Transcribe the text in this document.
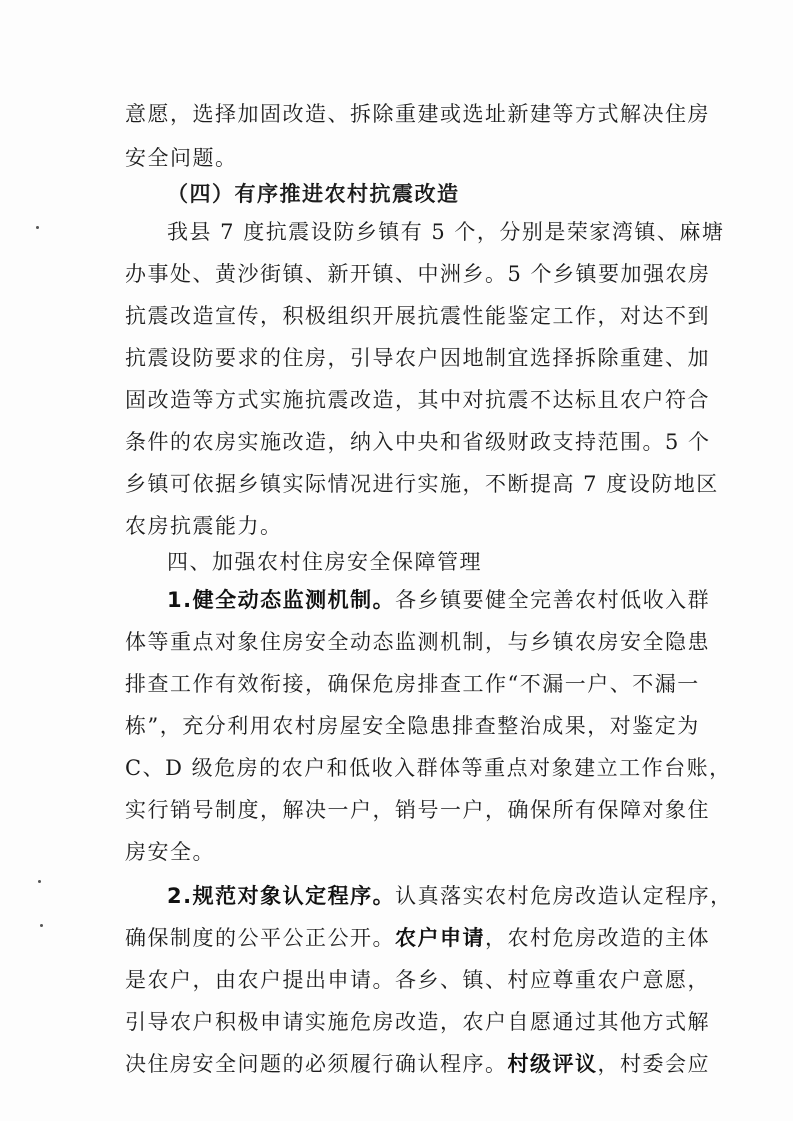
意愿，选择加固改造、拆除重建或选址新建等方式解决住房
安全问题。
（四）有序推进农村抗震改造
我县 7 度抗震设防乡镇有 5 个，分别是荣家湾镇、麻塘
办事处、黄沙街镇、新开镇、中洲乡。5 个乡镇要加强农房
抗震改造宣传，积极组织开展抗震性能鉴定工作，对达不到
抗震设防要求的住房，引导农户因地制宜选择拆除重建、加
固改造等方式实施抗震改造，其中对抗震不达标且农户符合
条件的农房实施改造，纳入中央和省级财政支持范围。5 个
乡镇可依据乡镇实际情况进行实施，不断提高 7 度设防地区
农房抗震能力。
四、加强农村住房安全保障管理
1.健全动态监测机制。各乡镇要健全完善农村低收入群
体等重点对象住房安全动态监测机制，与乡镇农房安全隐患
排查工作有效衔接，确保危房排查工作“不漏一户、不漏一
栋”，充分利用农村房屋安全隐患排查整治成果，对鉴定为
C、D 级危房的农户和低收入群体等重点对象建立工作台账，
实行销号制度，解决一户，销号一户，确保所有保障对象住
房安全。
2.规范对象认定程序。认真落实农村危房改造认定程序，
确保制度的公平公正公开。农户申请，农村危房改造的主体
是农户，由农户提出申请。各乡、镇、村应尊重农户意愿，
引导农户积极申请实施危房改造，农户自愿通过其他方式解
决住房安全问题的必须履行确认程序。村级评议，村委会应
